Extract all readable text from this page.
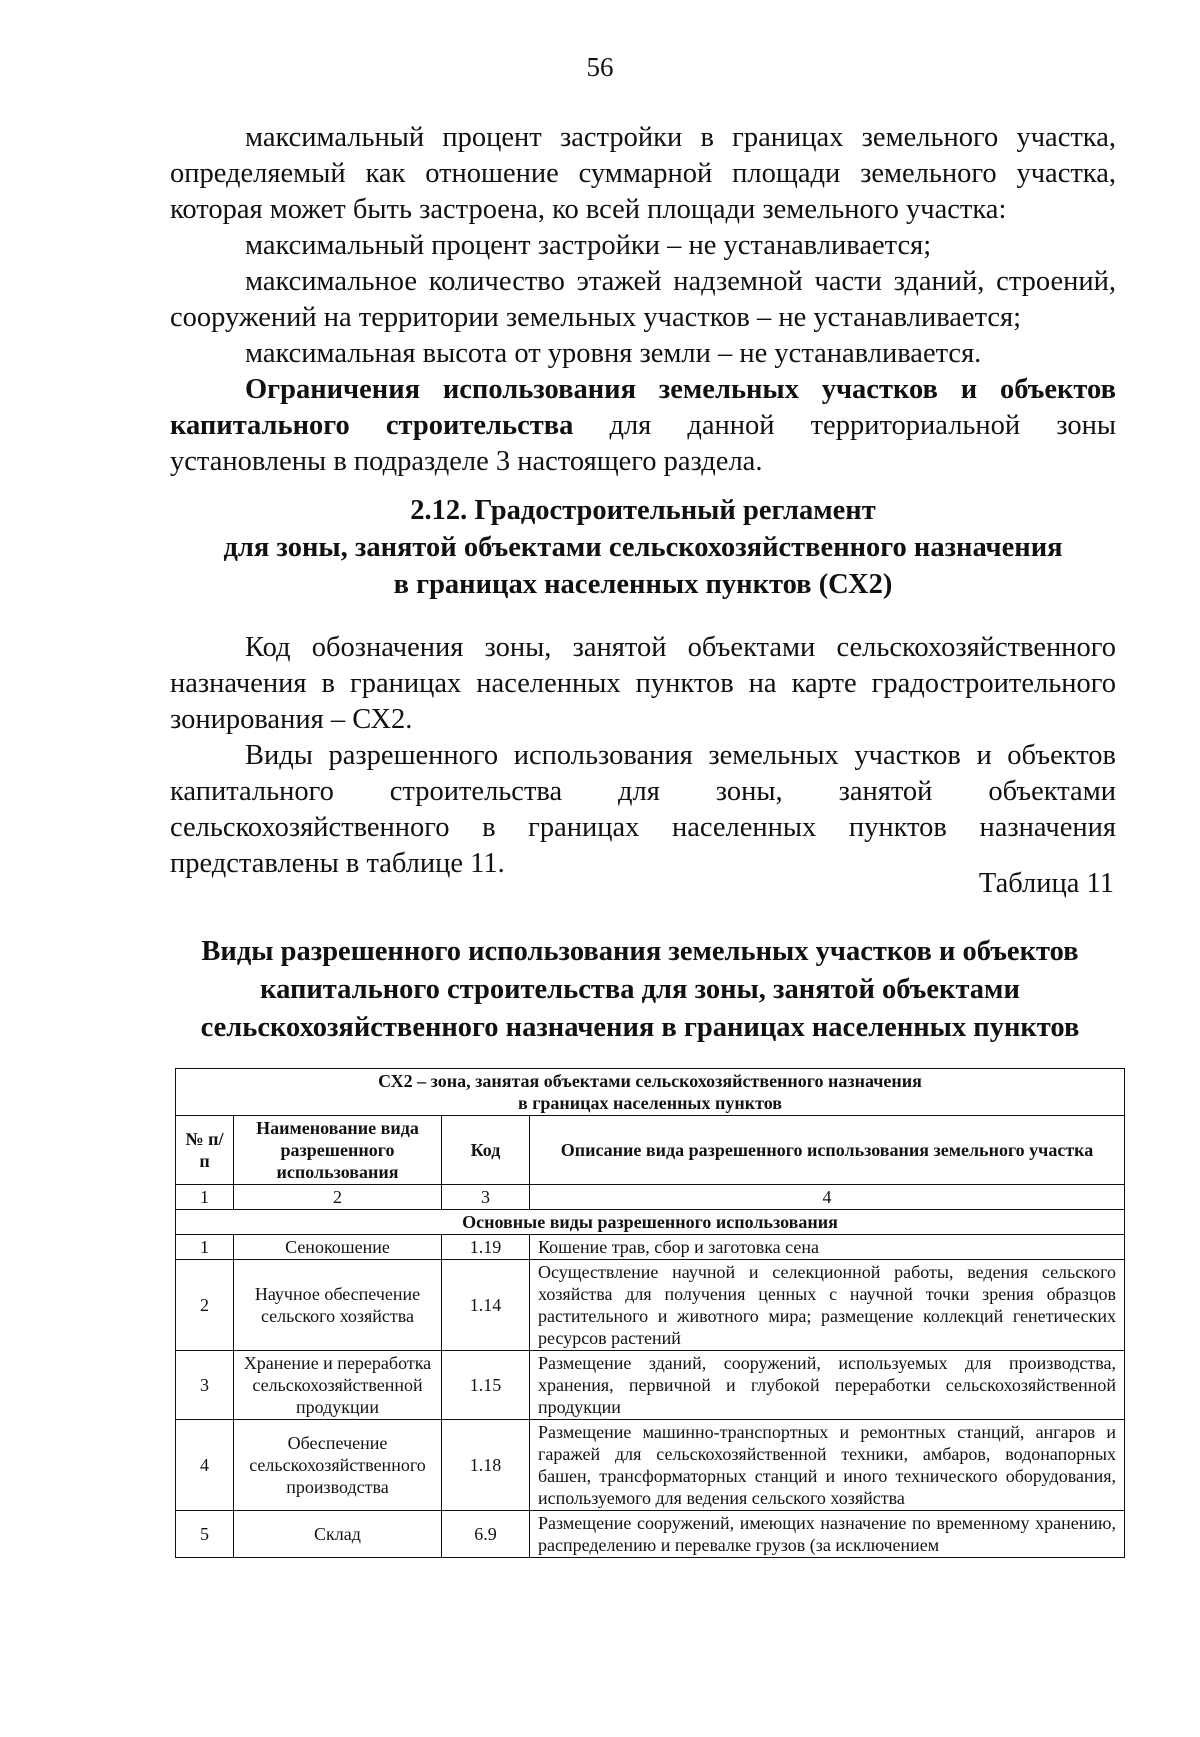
56

максимальный процент застройки в границах земельного участка, определяемый как отношение суммарной площади земельного участка, которая может быть застроена, ко всей площади земельного участка:

максимальный процент застройки – не устанавливается;

максимальное количество этажей надземной части зданий, строений, сооружений на территории земельных участков – не устанавливается;

максимальная высота от уровня земли – не устанавливается.

Ограничения использования земельных участков и объектов капитального строительства для данной территориальной зоны установлены в подразделе 3 настоящего раздела.

2.12. Градостроительный регламент
для зоны, занятой объектами сельскохозяйственного назначения
в границах населенных пунктов (СХ2)

Код обозначения зоны, занятой объектами сельскохозяйственного назначения в границах населенных пунктов на карте градостроительного зонирования – СХ2.

Виды разрешенного использования земельных участков и объектов капитального строительства для зоны, занятой объектами сельскохозяйственного в границах населенных пунктов назначения представлены в таблице 11.

Таблица 11
Виды разрешенного использования земельных участков и объектов
капитального строительства для зоны, занятой объектами
сельскохозяйственного назначения в границах населенных пунктов
СХ2 – зона, занятая объектами сельскохозяйственного назначения
в границах населенных пунктов			

№ п/п	Наименование вида разрешенного использования	Код	Описание вида разрешенного использования земельного участка
1	2	3	4
Основные виды разрешенного использования			
1	Сенокошение	1.19	Кошение трав, сбор и заготовка сена
2	Научное обеспечение сельского хозяйства	1.14	Осуществление научной и селекционной работы, ведения сельского хозяйства для получения ценных с научной точки зрения образцов растительного и животного мира; размещение коллекций генетических ресурсов растений
3	Хранение и переработка сельскохозяйственной продукции	1.15	Размещение зданий, сооружений, используемых для производства, хранения, первичной и глубокой переработки сельскохозяйственной продукции
4	Обеспечение сельскохозяйственного производства	1.18	Размещение машинно-транспортных и ремонтных станций, ангаров и гаражей для сельскохозяйственной техники, амбаров, водонапорных башен, трансформаторных станций и иного технического оборудования, используемого для ведения сельского хозяйства
5	Склад	6.9	Размещение сооружений, имеющих назначение по временному хранению, распределению и перевалке грузов (за исключением
